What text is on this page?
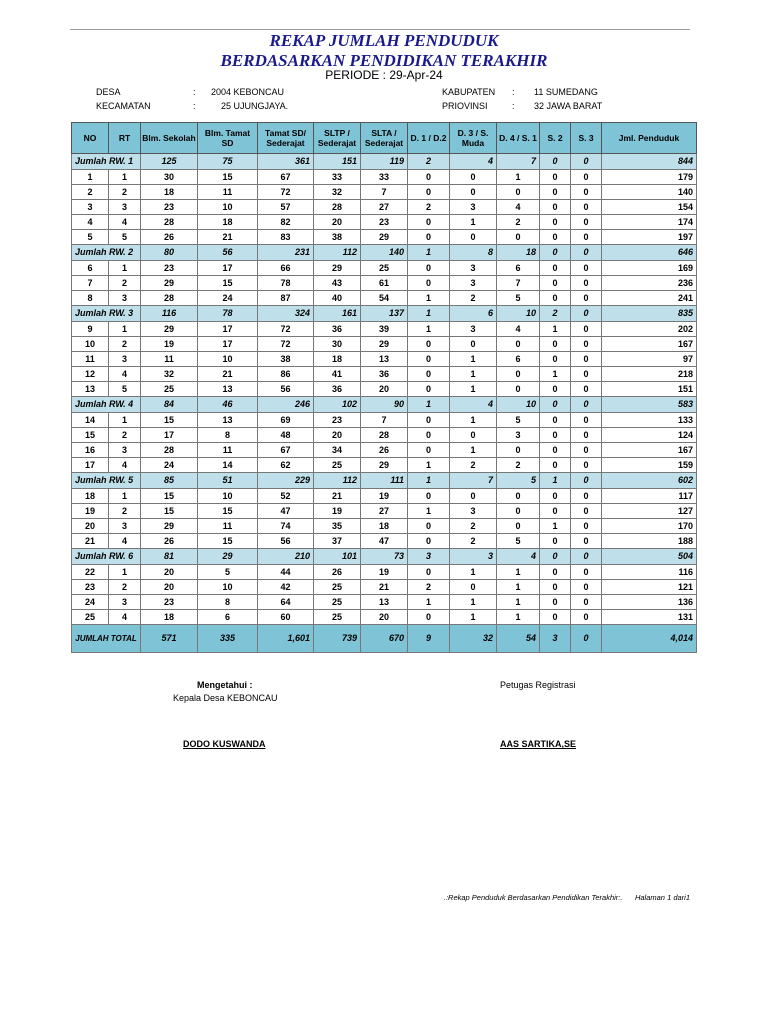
REKAP JUMLAH PENDUDUK
BERDASARKAN PENDIDIKAN TERAKHIR
PERIODE : 29-Apr-24
DESA	: 2004 KEBONCAU
KECAMATAN	:	25 UJUNGJAYA.
KABUPATEN : 11 SUMEDANG
PRIOVINSI	: 32 JAWA BARAT
NO	RT	Blm. Sekolah	Blm. Tamat SD	Tamat SD/ Sederajat	SLTP / Sederajat	SLTA / Sederajat	D. 1 / D.2	D. 3 / S. Muda	D. 4 / S. 1	S. 2	S. 3	Jml. Penduduk
Jumlah RW. 1		125	75	361	151	119	2	4	7	0	0	844
1	1	30	15	67	33	33	0	0	1	0	0	179
2	2	18	11	72	32	7	0	0	0	0	0	140
3	3	23	10	57	28	27	2	3	4	0	0	154
4	4	28	18	82	20	23	0	1	2	0	0	174
5	5	26	21	83	38	29	0	0	0	0	0	197
Jumlah RW. 2		80	56	231	112	140	1	8	18	0	0	646
6	1	23	17	66	29	25	0	3	6	0	0	169
7	2	29	15	78	43	61	0	3	7	0	0	236
8	3	28	24	87	40	54	1	2	5	0	0	241
Jumlah RW. 3		116	78	324	161	137	1	6	10	2	0	835
9	1	29	17	72	36	39	1	3	4	1	0	202
10	2	19	17	72	30	29	0	0	0	0	0	167
11	3	11	10	38	18	13	0	1	6	0	0	97
12	4	32	21	86	41	36	0	1	0	1	0	218
13	5	25	13	56	36	20	0	1	0	0	0	151
Jumlah RW. 4		84	46	246	102	90	1	4	10	0	0	583
14	1	15	13	69	23	7	0	1	5	0	0	133
15	2	17	8	48	20	28	0	0	3	0	0	124
16	3	28	11	67	34	26	0	1	0	0	0	167
17	4	24	14	62	25	29	1	2	2	0	0	159
Jumlah RW. 5		85	51	229	112	111	1	7	5	1	0	602
18	1	15	10	52	21	19	0	0	0	0	0	117
19	2	15	15	47	19	27	1	3	0	0	0	127
20	3	29	11	74	35	18	0	2	0	1	0	170
21	4	26	15	56	37	47	0	2	5	0	0	188
Jumlah RW. 6		81	29	210	101	73	3	3	4	0	0	504
22	1	20	5	44	26	19	0	1	1	0	0	116
23	2	20	10	42	25	21	2	0	1	0	0	121
24	3	23	8	64	25	13	1	1	1	0	0	136
25	4	18	6	60	25	20	0	1	1	0	0	131
JUMLAH TOTAL		571	335	1,601	739	670	9	32	54	3	0	4,014
Mengetahui :
Kepala Desa KEBONCAU
DODO KUSWANDA
Petugas Registrasi
AAS SARTIKA,SE
.:Rekap Penduduk Berdasarkan Pendidikan Terakhir:. Halaman 1 dari1
